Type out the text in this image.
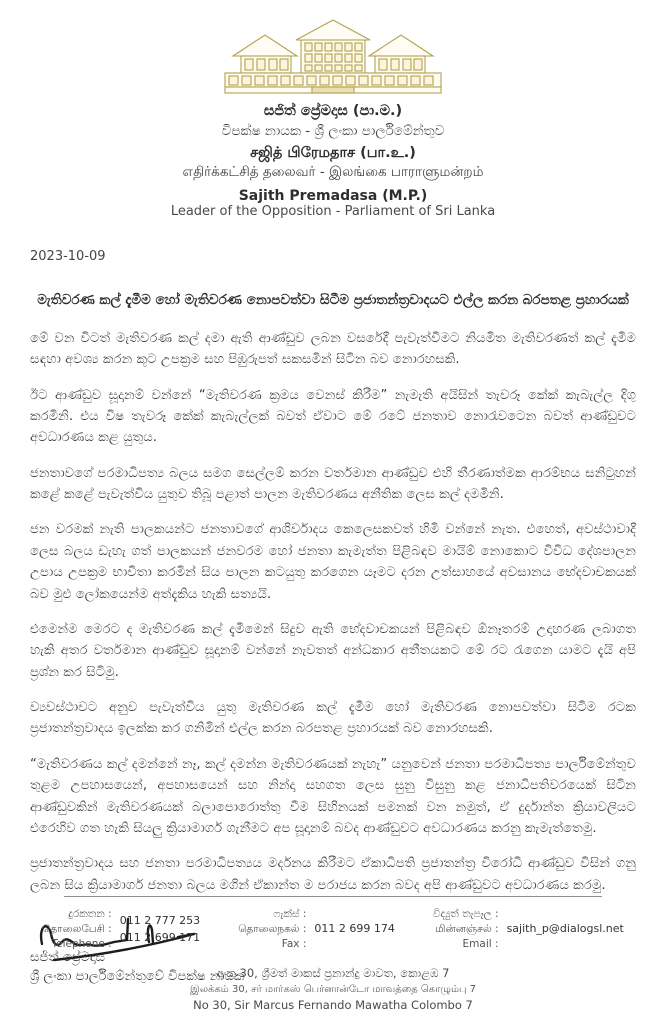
සජිත් ප්‍රේමදාස (පා.ම.)
විපක්ෂ නායක - ශ්‍රී ලංකා පාර්ලිමේන්තුව
சஜித் பிரேமதாச (பா.உ.)
எதிர்க்கட்சித் தலைவர் - இலங்கை பாராளுமன்றம்
Sajith Premadasa (M.P.)
Leader of the Opposition - Parliament of Sri Lanka
2023-10-09
මැතිවරණ කල් දැමීම හෝ මැතිවරණ නොපවත්වා සිටීම ප්‍රජාතන්ත්‍රවාදයට එල්ල කරන බරපතළ ප්‍රහාරයක්

මේ වන විටත් මැතිවරණ කල් දමා ඇති ආණ්ඩුව ලබන වසරේදී පැවැත්වීමට නියමිත මැතිවරණත් කල් දැමීම සඳහා අවශ්‍ය කරන කූට උපක්‍රම සහ පිඹුරුපත් සකසමින් සිටින බව නොරහසකි.

ඊට ආණ්ඩුව සූදානම් වන්නේ “මැතිවරණ ක්‍රමය වෙනස් කිරීම” නැමැති අයිසින් තැවරූ කේක් කැබැල්ල දිගු කරමිනි. එය විෂ තැවරූ කේක් කැබැල්ලක් බවත් ඒවාට මේ රටේ ජනතාව නොරැවටෙන බවත් ආණ්ඩුවට අවධාරණය කළ යුතුය.

ජනතාවගේ පරමාධිපත්‍ය බලය සමග සෙල්ලම් කරන වර්තමාන ආණ්ඩුව එහි තීරණාත්මක ආරම්භය සනිටුහන් කළේ කළේ පැවැත්විය යුතුව තිබූ පළාත් පාලන මැතිවරණය අනීතික ලෙස කල් දමමිනි.

ජන වරමක් නැති පාලකයන්ට ජනතාවගේ ආශිර්වාදය කෙලෙසකවත් හිමි වන්නේ නැත. එහෙත්, අවස්ථාවාදී ලෙස බලය ඩැහැ ගත් පාලකයන් ජනවරම හෝ ජනතා කැමැත්ත පිළිබඳව මායිම් නොකොට විවිධ දේශපාලන උපාය උපක්‍රම භාවිතා කරමින් සිය පාලන කටයුතු කරගෙන යෑමට දරන උත්සාහයේ අවසානය භේදවාචකයක් බව මුළු ලෝකයෙන්ම අත්දැකිය හැකි සත්‍යයි.

එමෙන්ම මෙරට ද මැතිවරණ කල් දැමීමෙන් සිදුව ඇති භේදවාචකයන් පිළිබඳව ඕනෑතරම් උදාහරණ ලබාගත හැකි අතර වර්තමාන ආණ්ඩුව සූදානම් වන්නේ නැවතත් අන්ධකාර අතීතයකට මේ රට රැගෙන යාමට දැයි අපි ප්‍රශ්න කර සිටිමු.

ව්‍යවස්ථාවට අනුව පැවැත්විය යුතු මැතිවරණ කල් දැමීම හෝ මැතිවරණ නොපවත්වා සිටීම රටක ප්‍රජාතන්ත්‍රවාදය ඉලක්ක කර ගනිමින් එල්ල කරන බරපතළ ප්‍රහාරයක් බව නොරහසකි.

“මැතිවරණය කල් දමන්නේ නෑ, කල් දමන්න මැතිවරණයක් නැහැ” යනුවෙන් ජනතා පරමාධිපත්‍ය පාර්ලිමේන්තුව තුළම උපහාසයෙන්, අපහාසයෙන් සහ නින්දා සහගත ලෙස සුනු විසුනු කළ ජනාධිපතිවරයෙක් සිටින ආණ්ඩුවකින් මැතිවරණයක් බලාපොරොත්තු වීම සිහිනයක් පමනක් වන නමුත්, ඒ දුර්දාන්ත ක්‍රියාවලියට එරෙහිව ගත හැකි සියලු ක්‍රියාමාර්ග ගැනීමට අප සූදානම් බවද ආණ්ඩුවට අවධාරණය කරනු කැමැත්තෙමු.

ප්‍රජාතන්ත්‍රවාදය සහ ජනතා පරමාධිපත්‍යය මර්දනය කිරීමට ඒකාධිපති ප්‍රජාතන්ත්‍ර විරෝධී ආණ්ඩුව විසින් ගනු ලබන සිය ක්‍රියාමාර්ග ජනතා බලය මගින් ඒකාන්ත ම පරාජය කරන බවද අපි ආණ්ඩුවට අවධාරණය කරමු.

සජිත් ප්‍රේමදාස
ශ්‍රී ලංකා පාර්ලිමේන්තුවේ විපක්ෂ නායක
දුරකතන :
தொலைபேசி :
Telephone :
011 2 777 253
011 2 699 171
ෆැක්ස් :
தொலைநகல் :
Fax :
011 2 699 174
විද්‍යුත් තැපෑල :
மின்னஞ்சல் :
Email :
sajith_p@dialogsl.net
අංක 30, ශ්‍රීමත් මාකස් ප්‍රනාන්දු මාවත, කොළඹ 7
இலக்கம் 30, சர் மார்கஸ் பெர்னான்டோ மாவத்தை கொழும்பு 7
No 30, Sir Marcus Fernando Mawatha Colombo 7
